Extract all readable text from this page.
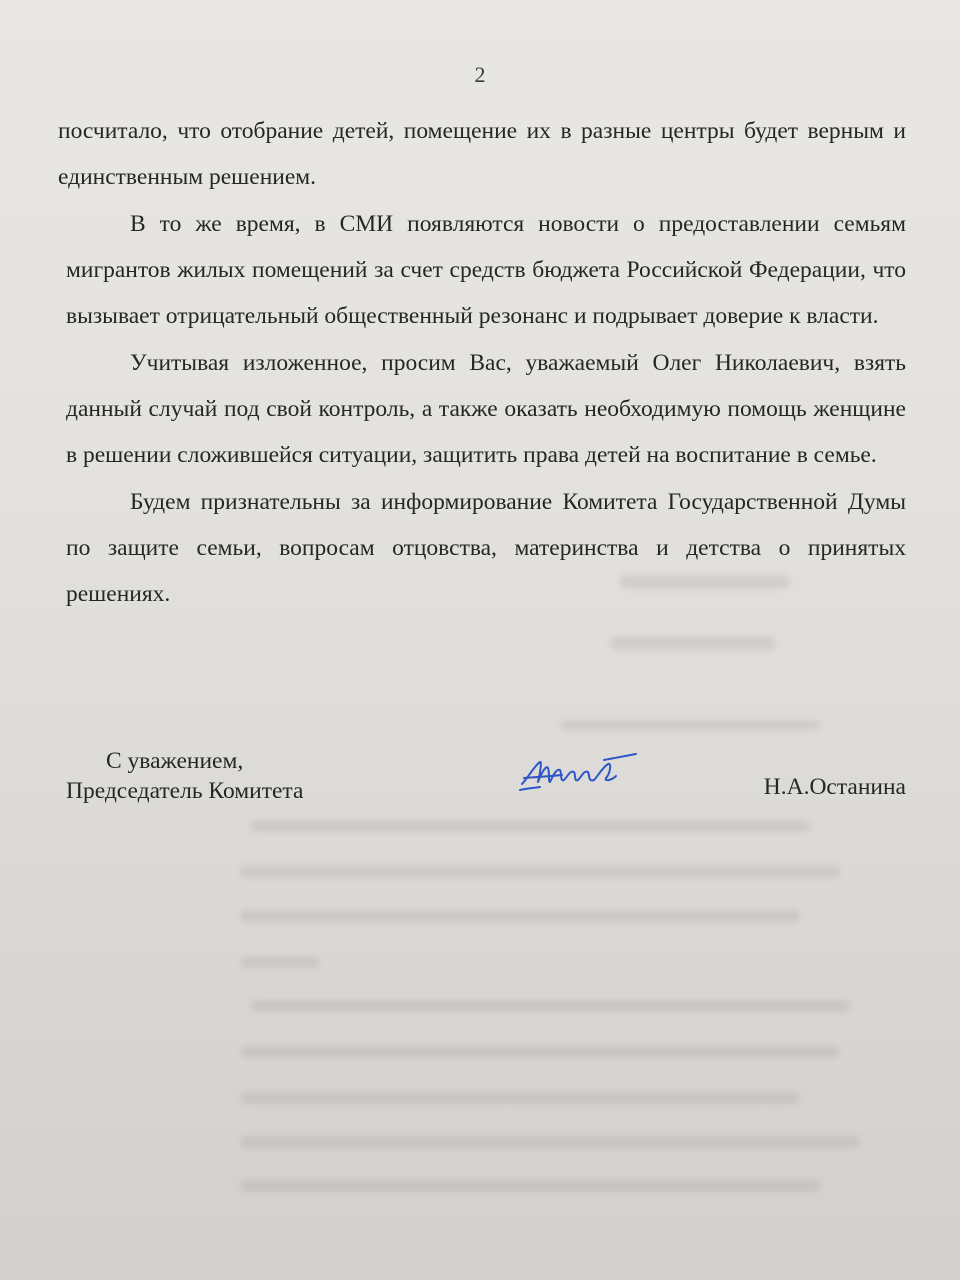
2

посчитало, что отобрание детей, помещение их в разные центры будет верным и единственным решением.

В то же время, в СМИ появляются новости о предоставлении семьям мигрантов жилых помещений за счет средств бюджета Российской Федерации, что вызывает отрицательный общественный резонанс и подрывает доверие к власти.

Учитывая изложенное, просим Вас, уважаемый Олег Николаевич, взять данный случай под свой контроль, а также оказать необходимую помощь женщине в решении сложившейся ситуации, защитить права детей на воспитание в семье.

Будем признательны за информирование Комитета Государственной Думы по защите семьи, вопросам отцовства, материнства и детства о принятых решениях.

С уважением,
Председатель Комитета	Н.А.Останина
